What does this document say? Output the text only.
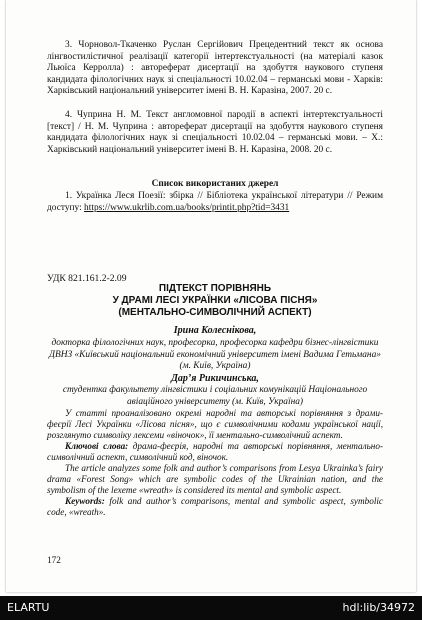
3. Чорновол-Ткаченко Руслан Сергійович Прецедентний текст як основа лінгвостилістичної реалізації категорії інтертекстуальності (на матеріалі казок Льюїса Керролла) : автореферат дисертації на здобуття наукового ступеня кандидата філологічних наук зі спеціальності 10.02.04 – германські мови - Харків: Харківський національний університет імені В. Н. Каразіна, 2007. 20 с.
4. Чуприна Н. М. Текст англомовної пародії в аспекті інтертекстуальності [текст] / Н. М. Чуприна : автореферат дисертації на здобуття наукового ступеня кандидата філологічних наук зі спеціальності 10.02.04 – германські мови. – Х.: Харківський національний університет імені В. Н. Каразіна, 2008. 20 с.
Список використаних джерел
1. Українка Леся Поезії: збірка // Бібліотека української літератури // Режим доступу: https://www.ukrlib.com.ua/books/printit.php?tid=3431
УДК 821.161.2-2.09
ПІДТЕКСТ ПОРІВНЯНЬ
У ДРАМІ ЛЕСІ УКРАЇНКИ «ЛІСОВА ПІСНЯ»
(МЕНТАЛЬНО-СИМВОЛІЧНИЙ АСПЕКТ)
Ірина Колеснікова,
докторка філологічних наук, професорка, професорка кафедри бізнес-лінгвістики ДВНЗ «Київський національний економічний університет імені Вадима Гетьмана» (м. Київ, Україна)
Дар’я Рикичинська,
студентка факультету лінгвістики і соціальних комунікацій Національного авіаційного університету (м. Київ, Україна)

У статті проаналізовано окремі народні та авторські порівняння з драми-феєрії Лесі Українки «Лісова пісня», що є символічними кодами української нації, розглянуто символіку лексеми «віночок», її ментально-символічний аспект.

Ключові слова: драма-феєрія, народні та авторські порівняння, ментально-символічний аспект, символічний код, віночок.

The article analyzes some folk and author’s comparisons from Lesya Ukrainka’s fairy drama «Forest Song» which are symbolic codes of the Ukrainian nation, and the symbolism of the lexeme «wreath» is considered its mental and symbolic aspect.

Keywords: folk and author’s comparisons, mental and symbolic aspect, symbolic code, «wreath».

172
ELARTU	hdl:lib/34972
